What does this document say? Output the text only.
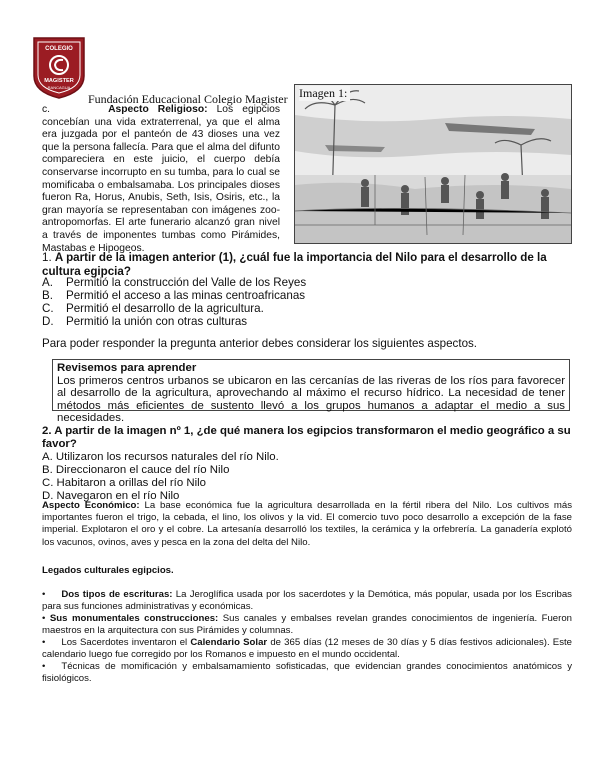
COLEGIO
MAGISTER
RANCAGUA
Fundación Educacional Colegio Magister
c.	Aspecto Religioso: Los egipcios concebían una vida extraterrenal, ya que el alma era juzgada por el panteón de 43 dioses una vez que la persona fallecía. Para que el alma del difunto compareciera en este juicio, el cuerpo debía conservarse incorrupto en su tumba, para lo cual se momificaba o embalsamaba. Los principales dioses fueron Ra, Horus, Anubis, Seth, Isis, Osiris, etc., la gran mayoría se representaban con imágenes zoo-antropomorfas. El arte funerario alcanzó gran nivel a través de imponentes tumbas como Pirámides, Mastabas e Hipogeos.
Imagen 1:
1. A partir de la imagen anterior (1), ¿cuál fue la importancia del Nilo para el desarrollo de la cultura egipcia?
A.	Permitió la construcción del Valle de los Reyes
B.	Permitió el acceso a las minas centroafricanas
C.	Permitió el desarrollo de la agricultura.
D.	Permitió la unión con otras culturas
Para poder responder la pregunta anterior debes considerar los siguientes aspectos.
Revisemos para aprender
Los primeros centros urbanos se ubicaron en las cercanías de las riveras de los ríos para favorecer al desarrollo de la agricultura, aprovechando al máximo el recurso hídrico. La necesidad de tener métodos más eficientes de sustento llevó a los grupos humanos a adaptar el medio a sus necesidades.
2. A partir de la imagen nº 1, ¿de qué manera los egipcios transformaron el medio geográfico a su favor?
A. Utilizaron los recursos naturales del río Nilo.
B. Direccionaron el cauce del río Nilo
C. Habitaron a orillas del río Nilo
D. Navegaron en el río Nilo
Aspecto Económico: La base económica fue la agricultura desarrollada en la fértil ribera del Nilo. Los cultivos más importantes fueron el trigo, la cebada, el lino, los olivos y la vid. El comercio tuvo poco desarrollo a excepción de la fase imperial. Explotaron el oro y el cobre. La artesanía desarrolló los textiles, la cerámica y la orfebrería. La ganadería explotó los vacunos, ovinos, aves y pesca en la zona del delta del Nilo.
Legados culturales egipcios.
• Dos tipos de escrituras: La Jeroglífica usada por los sacerdotes y la Demótica, más popular, usada por los Escribas para sus funciones administrativas y económicas.
• Sus monumentales construcciones: Sus canales y embalses revelan grandes conocimientos de ingeniería. Fueron maestros en la arquitectura con sus Pirámides y columnas.
• Los Sacerdotes inventaron el Calendario Solar de 365 días (12 meses de 30 días y 5 días festivos adicionales). Este calendario luego fue corregido por los Romanos e impuesto en el mundo occidental.
• Técnicas de momificación y embalsamamiento sofisticadas, que evidencian grandes conocimientos anatómicos y fisiológicos.
